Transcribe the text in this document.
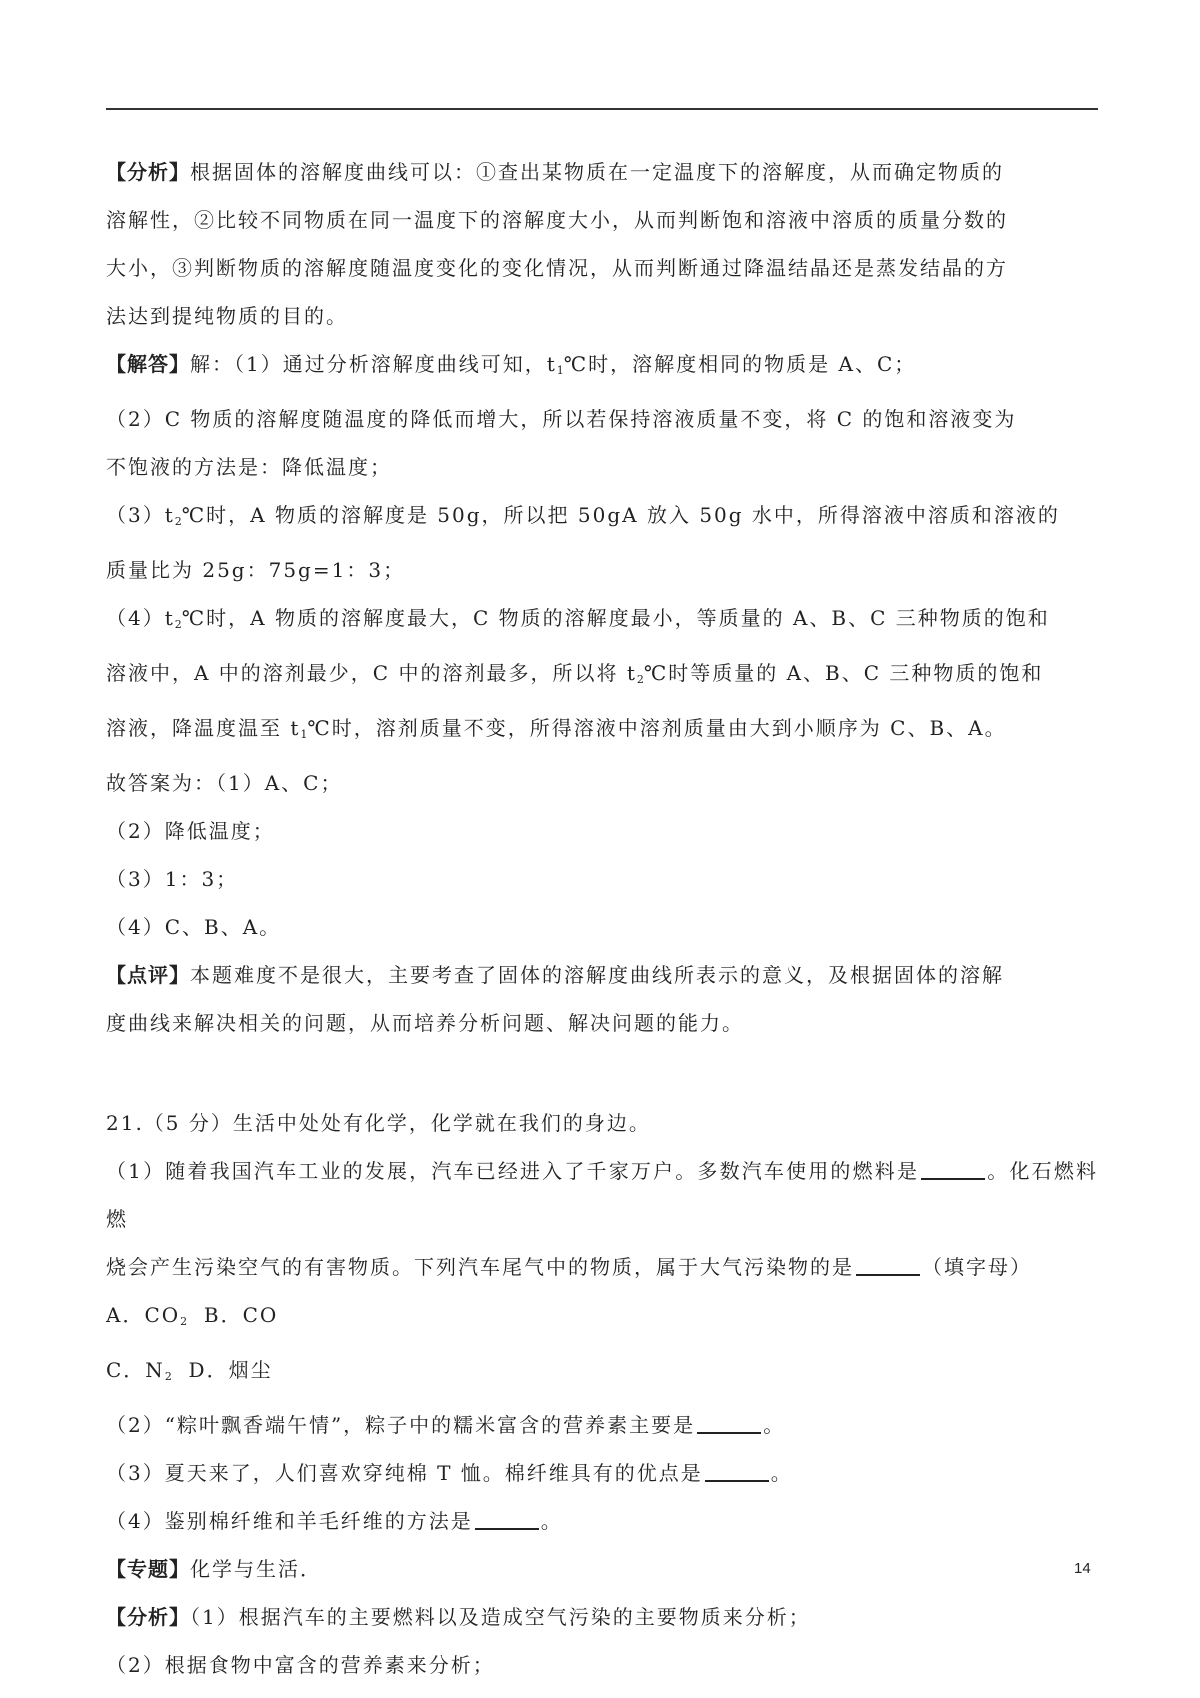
【分析】根据固体的溶解度曲线可以：①查出某物质在一定温度下的溶解度，从而确定物质的

溶解性，②比较不同物质在同一温度下的溶解度大小，从而判断饱和溶液中溶质的质量分数的

大小，③判断物质的溶解度随温度变化的变化情况，从而判断通过降温结晶还是蒸发结晶的方

法达到提纯物质的目的。

【解答】解：（1）通过分析溶解度曲线可知，$t_1℃$时，溶解度相同的物质是 A、C；

（2）C 物质的溶解度随温度的降低而增大，所以若保持溶液质量不变，将 C 的饱和溶液变为

不饱液的方法是：降低温度；

$(3)t_2℃$时，A 物质的溶解度是 50g，所以把 50gA 放入 50g 水中，所得溶液中溶质和溶液的

质量比为 25g：75g=1：3；

$(4)t_2℃$时，A 物质的溶解度最大，C 物质的溶解度最小，等质量的 A、B、C 三种物质的饱和

溶液中，A 中的溶剂最少，C 中的溶剂最多，所以将 $t_2℃$时等质量的 A、B、C 三种物质的饱和

溶液，降温度温至 $t_1℃$时，溶剂质量不变，所得溶液中溶剂质量由大到小顺序为 C、B、A。

故答案为：（1）A、C；

（2）降低温度；

（3）1：3；

（4）C、B、A。

【点评】本题难度不是很大，主要考查了固体的溶解度曲线所表示的意义，及根据固体的溶解

度曲线来解决相关的问题，从而培养分析问题、解决问题的能力。

21.（5 分）生活中处处有化学，化学就在我们的身边。

（1）随着我国汽车工业的发展，汽车已经进入了千家万户。多数汽车使用的燃料是	。化石燃料燃

烧会产生污染空气的有害物质。下列汽车尾气中的物质，属于大气污染物的是	（填字母）

A．$CO_2$ B．CO

C．$N_2$ D．烟尘

（2）“粽叶飘香端午情”，粽子中的糯米富含的营养素主要是	。

（3）夏天来了，人们喜欢穿纯棉 T 恤。棉纤维具有的优点是	。

（4）鉴别棉纤维和羊毛纤维的方法是	。

【专题】化学与生活．

【分析】（1）根据汽车的主要燃料以及造成空气污染的主要物质来分析；

（2）根据食物中富含的营养素来分析；

14
